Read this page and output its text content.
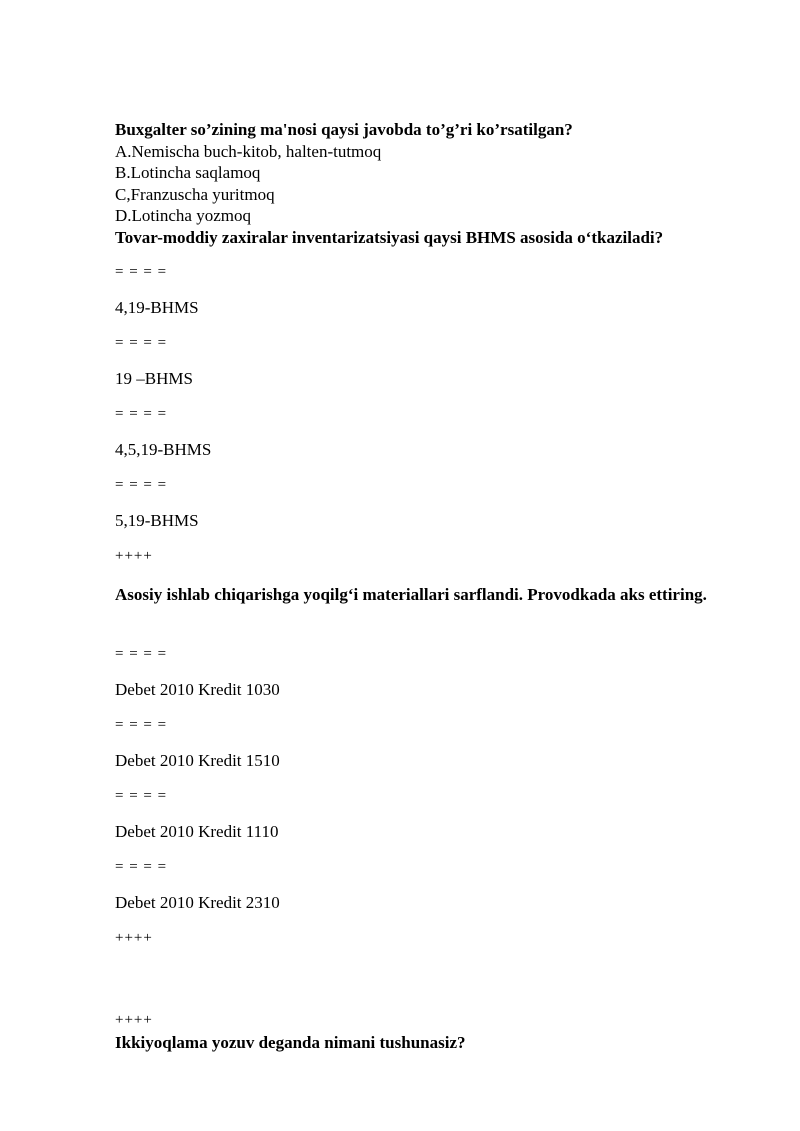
Buxgalter so’zining ma'nosi qaysi javobda to’g’ri ko’rsatilgan?
A.Nemischa buch-kitob, halten-tutmoq
B.Lotincha saqlamoq
C,Franzuscha yuritmoq
D.Lotincha yozmoq
Tovar-moddiy zaxiralar inventarizatsiyasi qaysi BHMS asosida o‘tkaziladi?
= = = =
4,19-BHMS
= = = =
19 –BHMS
= = = =
4,5,19-BHMS
= = = =
5,19-BHMS
++++
Asosiy ishlab chiqarishga yoqilg‘i materiallari sarflandi. Provodkada aks ettiring.
= = = =
Debet 2010 Kredit 1030
= = = =
Debet 2010 Kredit 1510
= = = =
Debet 2010 Kredit 1110
= = = =
Debet 2010 Kredit 2310
++++
++++
Ikkiyoqlama yozuv deganda nimani tushunasiz?
